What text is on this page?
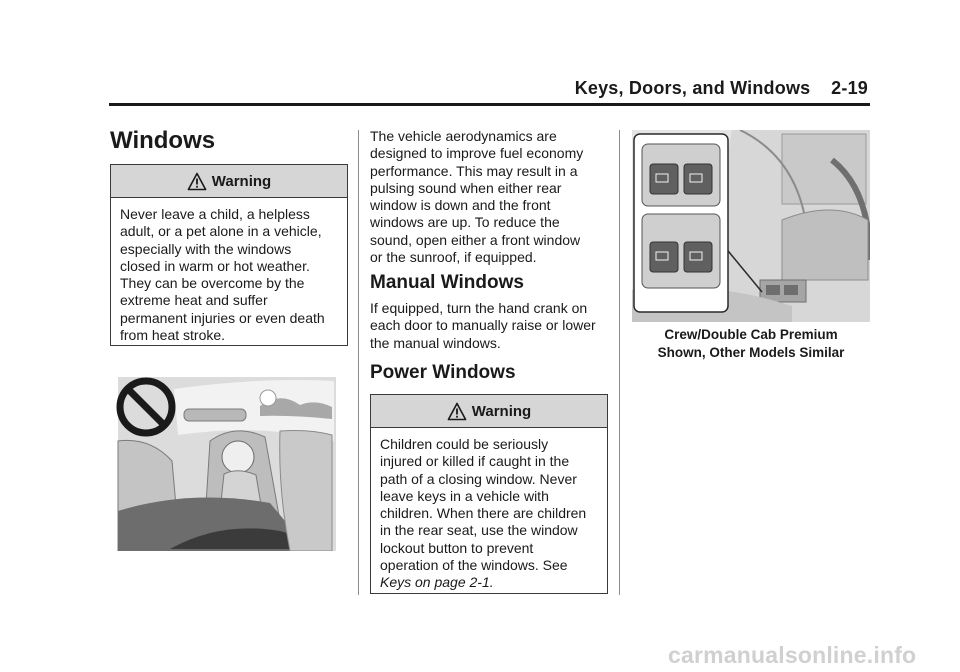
Keys, Doors, and Windows 2-19
Windows
Warning
Never leave a child, a helpless
adult, or a pet alone in a vehicle,
especially with the windows
closed in warm or hot weather.
They can be overcome by the
extreme heat and suffer
permanent injuries or even death
from heat stroke.
The vehicle aerodynamics are
designed to improve fuel economy
performance. This may result in a
pulsing sound when either rear
window is down and the front
windows are up. To reduce the
sound, open either a front window
or the sunroof, if equipped.
Manual Windows
If equipped, turn the hand crank on
each door to manually raise or lower
the manual windows.
Power Windows
Warning
Children could be seriously
injured or killed if caught in the
path of a closing window. Never
leave keys in a vehicle with
children. When there are children
in the rear seat, use the window
lockout button to prevent
operation of the windows. See
Keys on page 2-1.
Crew/Double Cab Premium
Shown, Other Models Similar
carmanualsonline.info
